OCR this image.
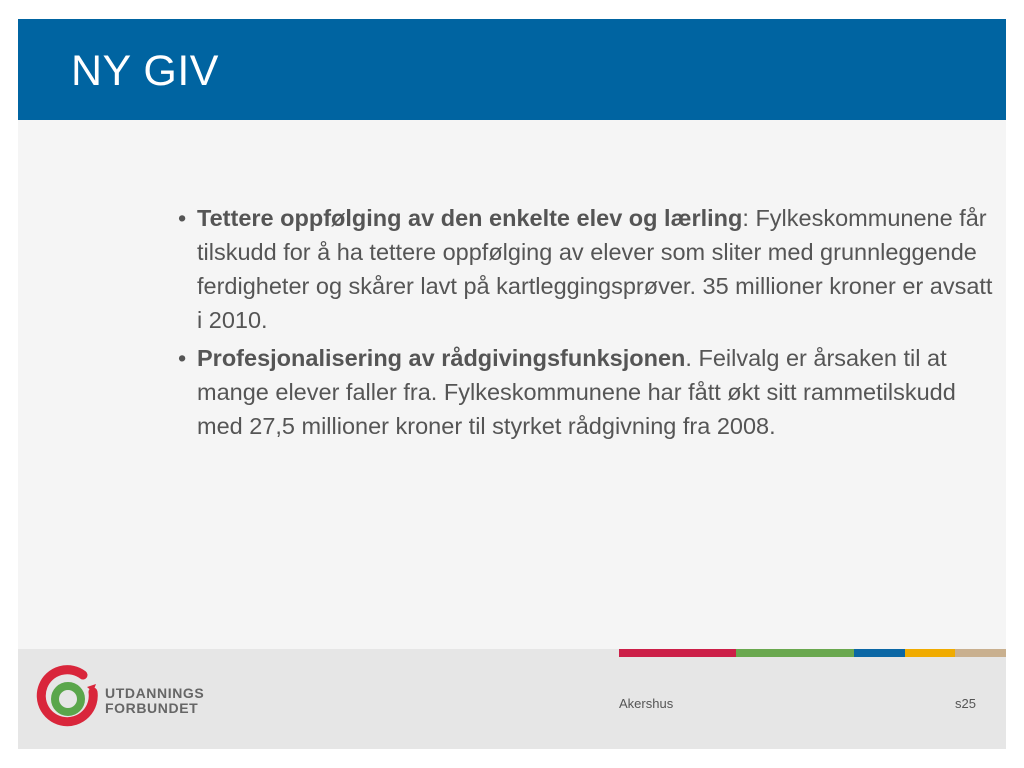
NY GIV
• Tettere oppfølging av den enkelte elev og lærling: Fylkeskommunene får tilskudd for å ha tettere oppfølging av elever som sliter med grunnleggende ferdigheter og skårer lavt på kartleggingsprøver. 35 millioner kroner er avsatt i 2010.
• Profesjonalisering av rådgivingsfunksjonen. Feilvalg er årsaken til at mange elever faller fra. Fylkeskommunene har fått økt sitt rammetilskudd med 27,5 millioner kroner til styrket rådgivning fra 2008.
UTDANNINGS
FORBUNDET	Akershus	s25
